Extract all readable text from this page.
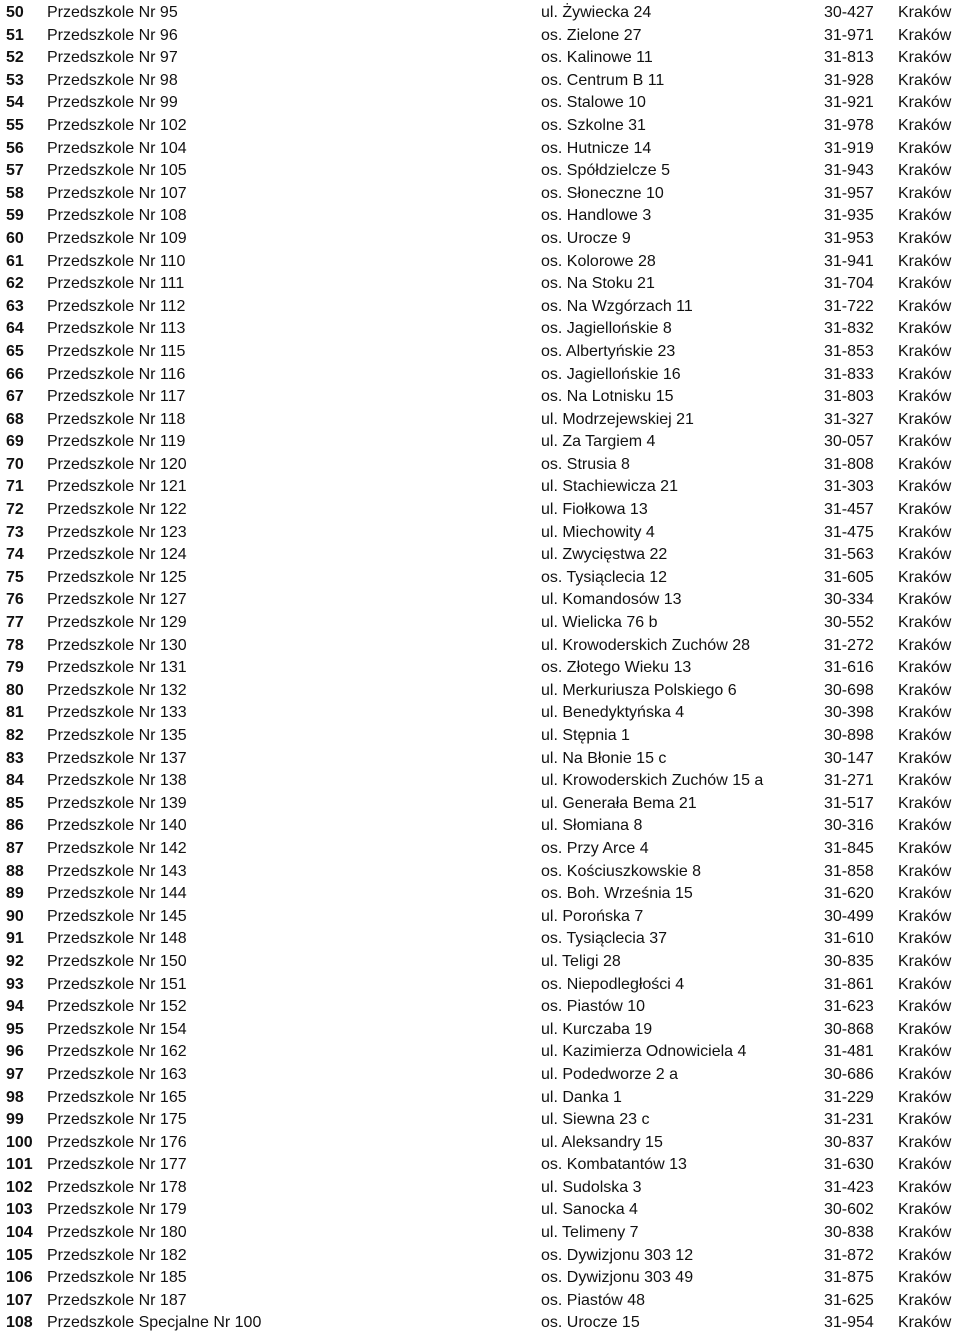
50 Przedszkole Nr 95	ul. Żywiecka 24	30-427 Kraków
51 Przedszkole Nr 96	os. Zielone 27	31-971 Kraków
52 Przedszkole Nr 97	os. Kalinowe 11	31-813 Kraków
53 Przedszkole Nr 98	os. Centrum B 11	31-928 Kraków
54 Przedszkole Nr 99	os. Stalowe 10	31-921 Kraków
55 Przedszkole Nr 102	os. Szkolne 31	31-978 Kraków
56 Przedszkole Nr 104	os. Hutnicze 14	31-919 Kraków
57 Przedszkole Nr 105	os. Spółdzielcze 5	31-943 Kraków
58 Przedszkole Nr 107	os. Słoneczne 10	31-957 Kraków
59 Przedszkole Nr 108	os. Handlowe 3	31-935 Kraków
60 Przedszkole Nr 109	os. Urocze 9	31-953 Kraków
61 Przedszkole Nr 110	os. Kolorowe 28	31-941 Kraków
62 Przedszkole Nr 111	os. Na Stoku 21	31-704 Kraków
63 Przedszkole Nr 112	os. Na Wzgórzach 11	31-722 Kraków
64 Przedszkole Nr 113	os. Jagiellońskie 8	31-832 Kraków
65 Przedszkole Nr 115	os. Albertyńskie 23	31-853 Kraków
66 Przedszkole Nr 116	os. Jagiellońskie 16	31-833 Kraków
67 Przedszkole Nr 117	os. Na Lotnisku 15	31-803 Kraków
68 Przedszkole Nr 118	ul. Modrzejewskiej 21	31-327 Kraków
69 Przedszkole Nr 119	ul. Za Targiem 4	30-057 Kraków
70 Przedszkole Nr 120	os. Strusia 8	31-808 Kraków
71 Przedszkole Nr 121	ul. Stachiewicza 21	31-303 Kraków
72 Przedszkole Nr 122	ul. Fiołkowa 13	31-457 Kraków
73 Przedszkole Nr 123	ul. Miechowity 4	31-475 Kraków
74 Przedszkole Nr 124	ul. Zwycięstwa 22	31-563 Kraków
75 Przedszkole Nr 125	os. Tysiąclecia 12	31-605 Kraków
76 Przedszkole Nr 127	ul. Komandosów 13	30-334 Kraków
77 Przedszkole Nr 129	ul. Wielicka 76 b	30-552 Kraków
78 Przedszkole Nr 130	ul. Krowoderskich Zuchów 28	31-272 Kraków
79 Przedszkole Nr 131	os. Złotego Wieku 13	31-616 Kraków
80 Przedszkole Nr 132	ul. Merkuriusza Polskiego 6	30-698 Kraków
81 Przedszkole Nr 133	ul. Benedyktyńska 4	30-398 Kraków
82 Przedszkole Nr 135	ul. Stępnia 1	30-898 Kraków
83 Przedszkole Nr 137	ul. Na Błonie 15 c	30-147 Kraków
84 Przedszkole Nr 138	ul. Krowoderskich Zuchów 15 a	31-271 Kraków
85 Przedszkole Nr 139	ul. Generała Bema 21	31-517 Kraków
86 Przedszkole Nr 140	ul. Słomiana 8	30-316 Kraków
87 Przedszkole Nr 142	os. Przy Arce 4	31-845 Kraków
88 Przedszkole Nr 143	os. Kościuszkowskie 8	31-858 Kraków
89 Przedszkole Nr 144	os. Boh. Września 15	31-620 Kraków
90 Przedszkole Nr 145	ul. Porońska 7	30-499 Kraków
91 Przedszkole Nr 148	os. Tysiąclecia 37	31-610 Kraków
92 Przedszkole Nr 150	ul. Teligi 28	30-835 Kraków
93 Przedszkole Nr 151	os. Niepodległości 4	31-861 Kraków
94 Przedszkole Nr 152	os. Piastów 10	31-623 Kraków
95 Przedszkole Nr 154	ul. Kurczaba 19	30-868 Kraków
96 Przedszkole Nr 162	ul. Kazimierza Odnowiciela 4	31-481 Kraków
97 Przedszkole Nr 163	ul. Podedworze 2 a	30-686 Kraków
98 Przedszkole Nr 165	ul. Danka 1	31-229 Kraków
99 Przedszkole Nr 175	ul. Siewna 23 c	31-231 Kraków
100 Przedszkole Nr 176	ul. Aleksandry 15	30-837 Kraków
101 Przedszkole Nr 177	os. Kombatantów 13	31-630 Kraków
102 Przedszkole Nr 178	ul. Sudolska 3	31-423 Kraków
103 Przedszkole Nr 179	ul. Sanocka 4	30-602 Kraków
104 Przedszkole Nr 180	ul. Telimeny 7	30-838 Kraków
105 Przedszkole Nr 182	os. Dywizjonu 303 12	31-872 Kraków
106 Przedszkole Nr 185	os. Dywizjonu 303 49	31-875 Kraków
107 Przedszkole Nr 187	os. Piastów 48	31-625 Kraków
108 Przedszkole Specjalne Nr 100	os. Urocze 15	31-954 Kraków
